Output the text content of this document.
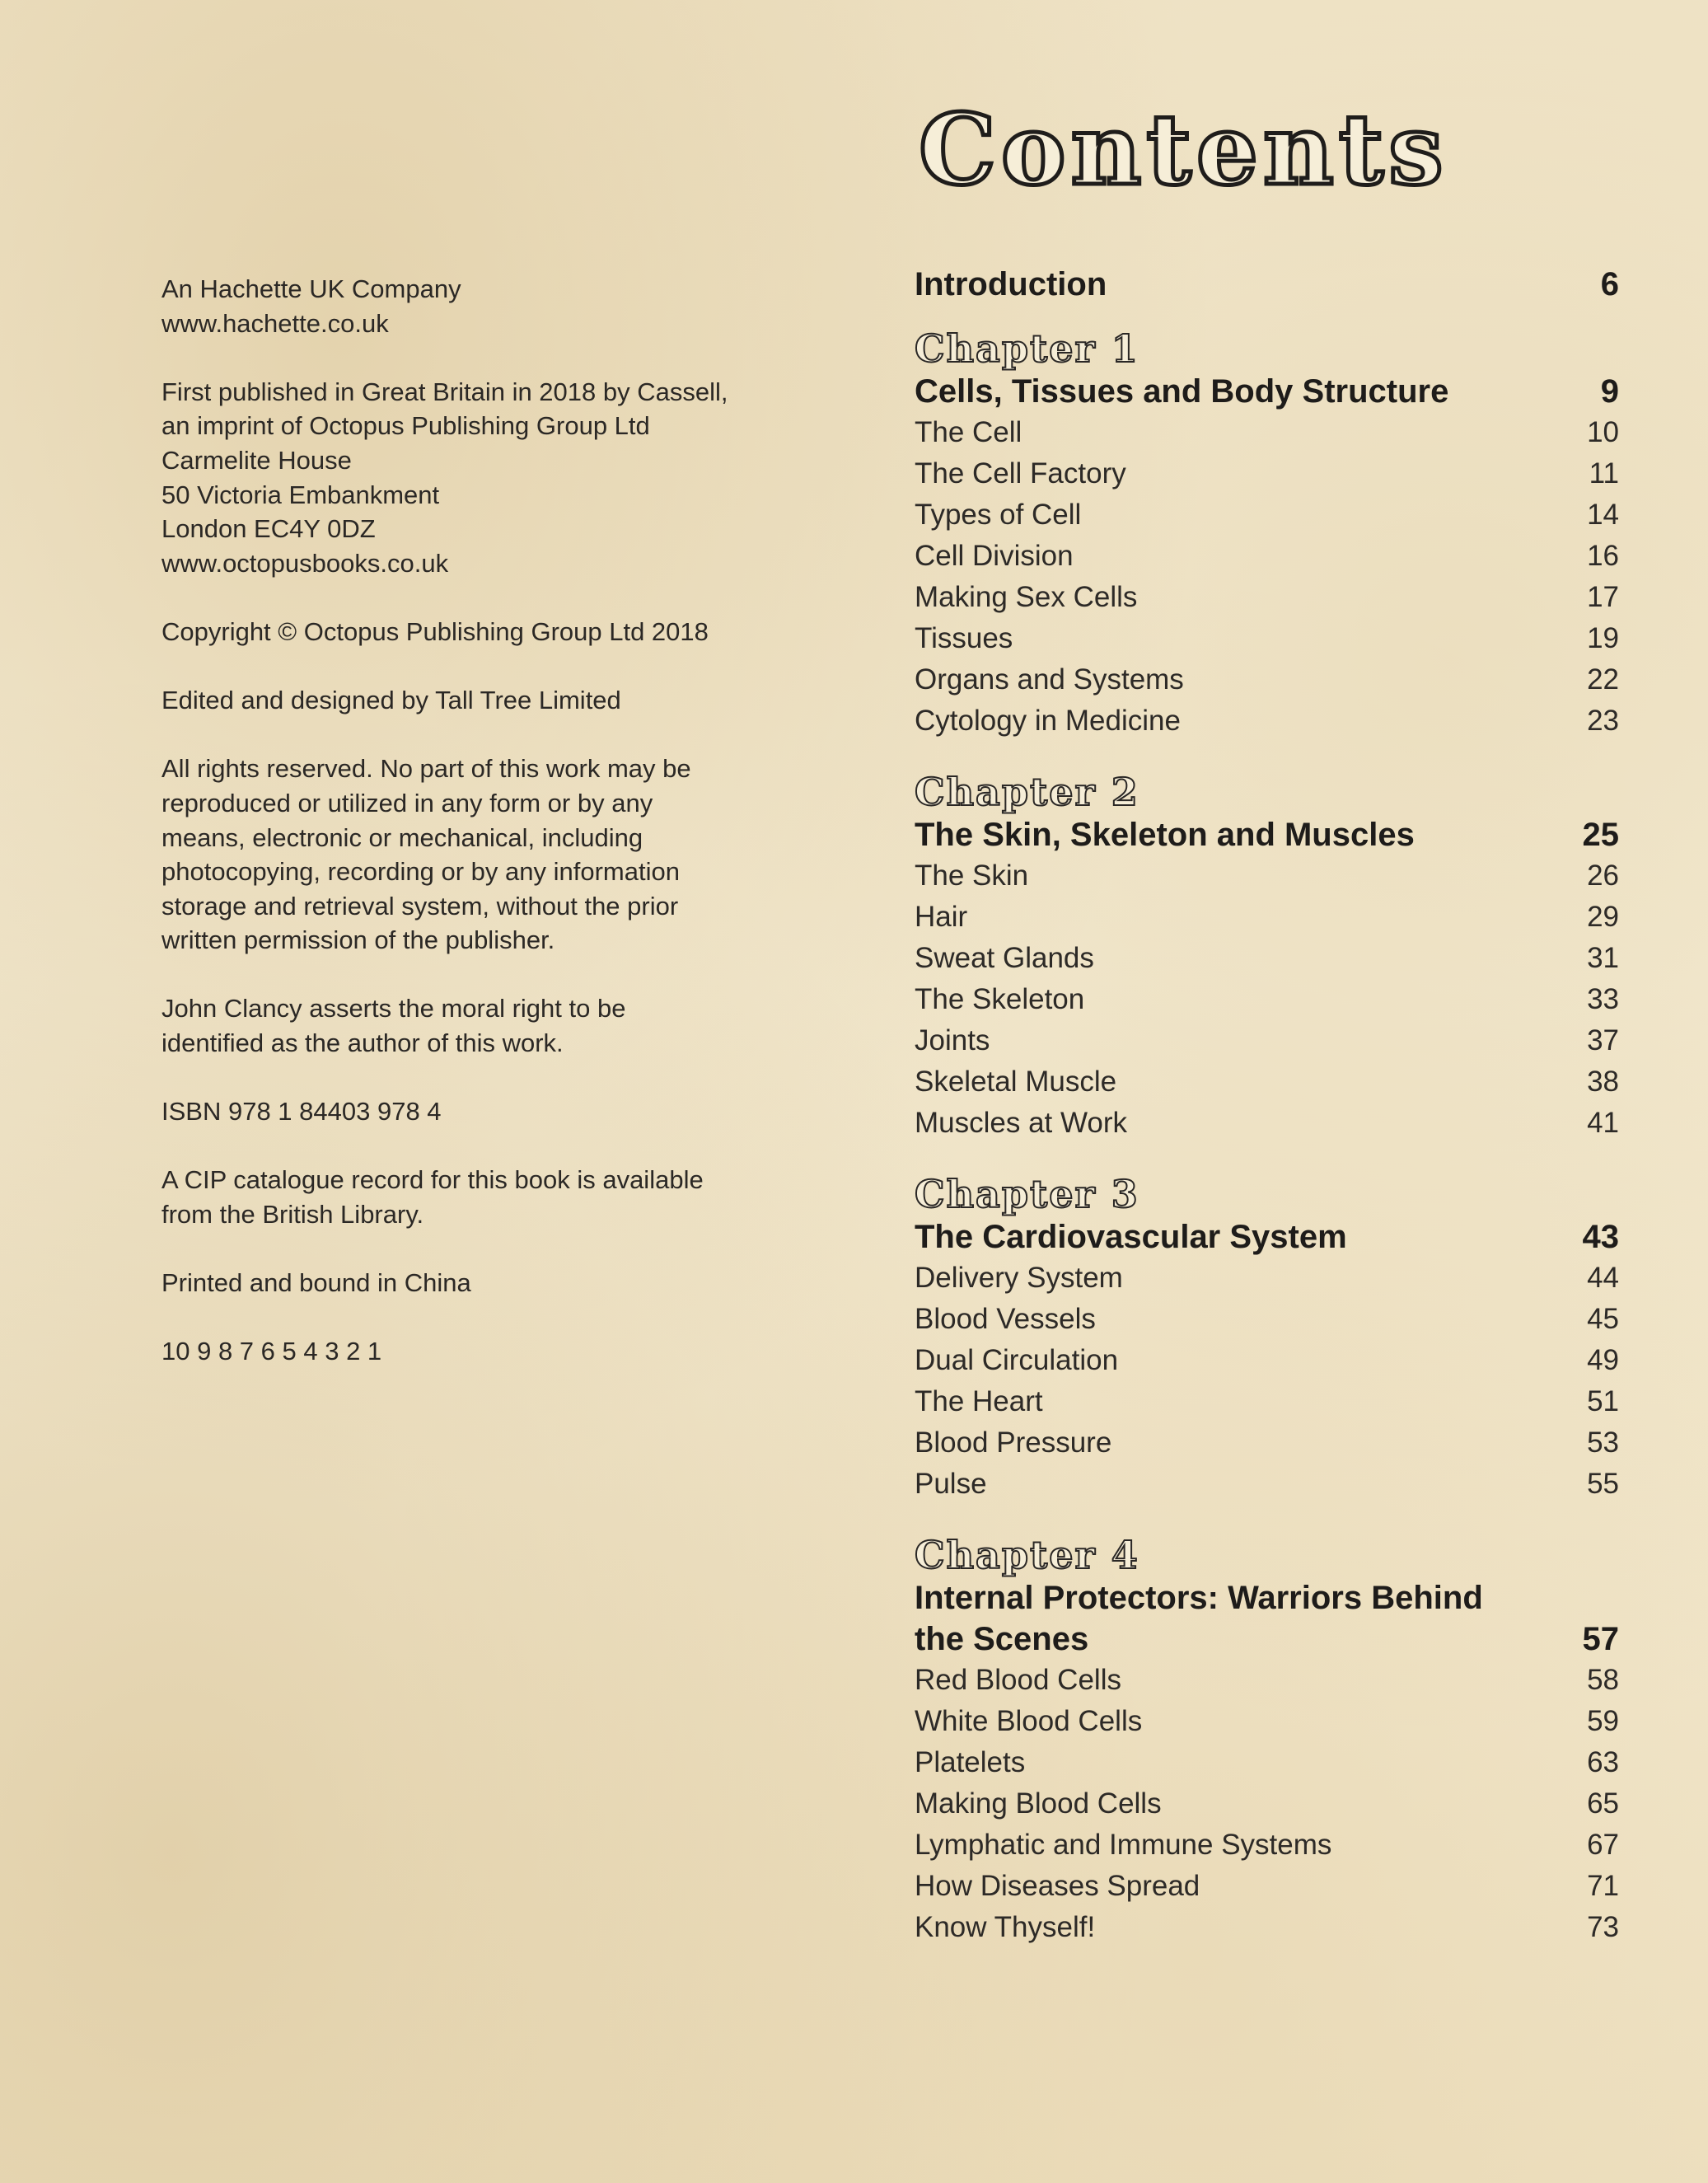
An Hachette UK Company
www.hachette.co.uk

First published in Great Britain in 2018 by Cassell,
an imprint of Octopus Publishing Group Ltd
Carmelite House
50 Victoria Embankment
London EC4Y 0DZ
www.octopusbooks.co.uk

Copyright © Octopus Publishing Group Ltd 2018

Edited and designed by Tall Tree Limited

All rights reserved. No part of this work may be
reproduced or utilized in any form or by any
means, electronic or mechanical, including
photocopying, recording or by any information
storage and retrieval system, without the prior
written permission of the publisher.

John Clancy asserts the moral right to be
identified as the author of this work.

ISBN 978 1 84403 978 4

A CIP catalogue record for this book is available
from the British Library.

Printed and bound in China

10 9 8 7 6 5 4 3 2 1

Contents
Introduction	6
Chapter 1
Cells, Tissues and Body Structure	9
The Cell	10
The Cell Factory	11
Types of Cell	14
Cell Division	16
Making Sex Cells	17
Tissues	19
Organs and Systems	22
Cytology in Medicine	23
Chapter 2
The Skin, Skeleton and Muscles	25
The Skin	26
Hair	29
Sweat Glands	31
The Skeleton	33
Joints	37
Skeletal Muscle	38
Muscles at Work	41
Chapter 3
The Cardiovascular System	43
Delivery System	44
Blood Vessels	45
Dual Circulation	49
The Heart	51
Blood Pressure	53
Pulse	55
Chapter 4
Internal Protectors: Warriors Behind the Scenes	57
Red Blood Cells	58
White Blood Cells	59
Platelets	63
Making Blood Cells	65
Lymphatic and Immune Systems	67
How Diseases Spread	71
Know Thyself!	73
